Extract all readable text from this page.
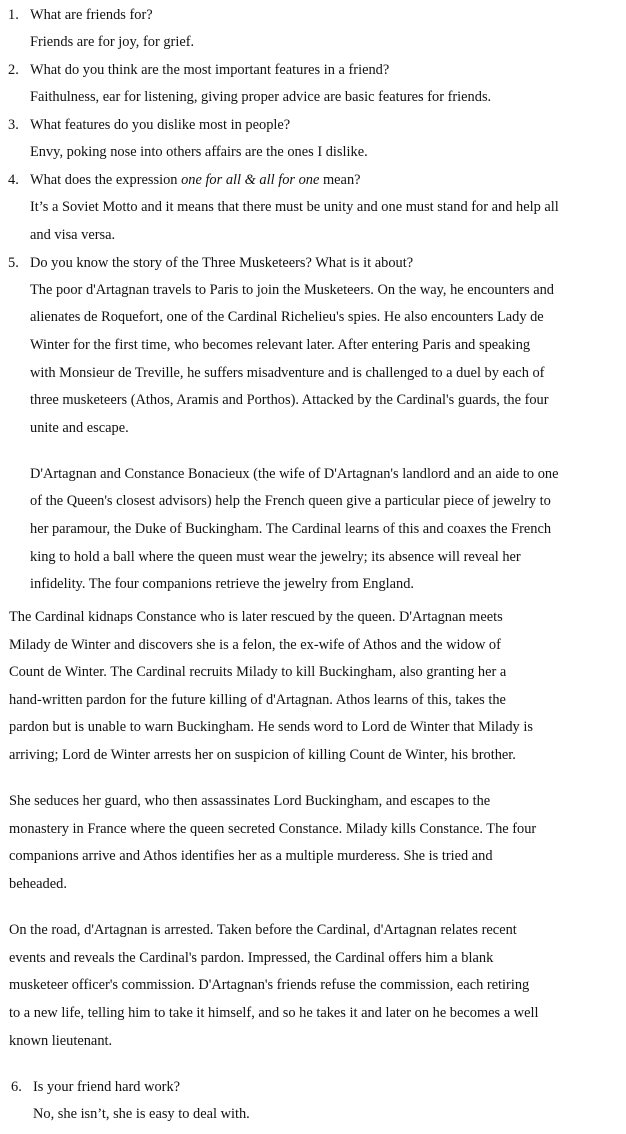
1. What are friends for?
Friends are for joy, for grief.
2. What do you think are the most important features in a friend?
Faithulness, ear for listening, giving proper advice are basic features for friends.
3. What features do you dislike most in people?
Envy, poking nose into others affairs are the ones I dislike.
4. What does the expression one for all & all for one mean?
It’s a Soviet Motto and it means that there must be unity and one must stand for and help all
and visa versa.
5. Do you know the story of the Three Musketeers? What is it about?
The poor d'Artagnan travels to Paris to join the Musketeers. On the way, he encounters and
alienates de Roquefort, one of the Cardinal Richelieu's spies. He also encounters Lady de
Winter for the first time, who becomes relevant later. After entering Paris and speaking
with Monsieur de Treville, he suffers misadventure and is challenged to a duel by each of
three musketeers (Athos, Aramis and Porthos). Attacked by the Cardinal's guards, the four
unite and escape.
D'Artagnan and Constance Bonacieux (the wife of D'Artagnan's landlord and an aide to one
of the Queen's closest advisors) help the French queen give a particular piece of jewelry to
her paramour, the Duke of Buckingham. The Cardinal learns of this and coaxes the French
king to hold a ball where the queen must wear the jewelry; its absence will reveal her
infidelity. The four companions retrieve the jewelry from England.
The Cardinal kidnaps Constance who is later rescued by the queen. D'Artagnan meets
Milady de Winter and discovers she is a felon, the ex-wife of Athos and the widow of
Count de Winter. The Cardinal recruits Milady to kill Buckingham, also granting her a
hand-written pardon for the future killing of d'Artagnan. Athos learns of this, takes the
pardon but is unable to warn Buckingham. He sends word to Lord de Winter that Milady is
arriving; Lord de Winter arrests her on suspicion of killing Count de Winter, his brother.
She seduces her guard, who then assassinates Lord Buckingham, and escapes to the
monastery in France where the queen secreted Constance. Milady kills Constance. The four
companions arrive and Athos identifies her as a multiple murderess. She is tried and
beheaded.
On the road, d'Artagnan is arrested. Taken before the Cardinal, d'Artagnan relates recent
events and reveals the Cardinal's pardon. Impressed, the Cardinal offers him a blank
musketeer officer's commission. D'Artagnan's friends refuse the commission, each retiring
to a new life, telling him to take it himself, and so he takes it and later on he becomes a well
known lieutenant.
6. Is your friend hard work?
No, she isn’t, she is easy to deal with.
